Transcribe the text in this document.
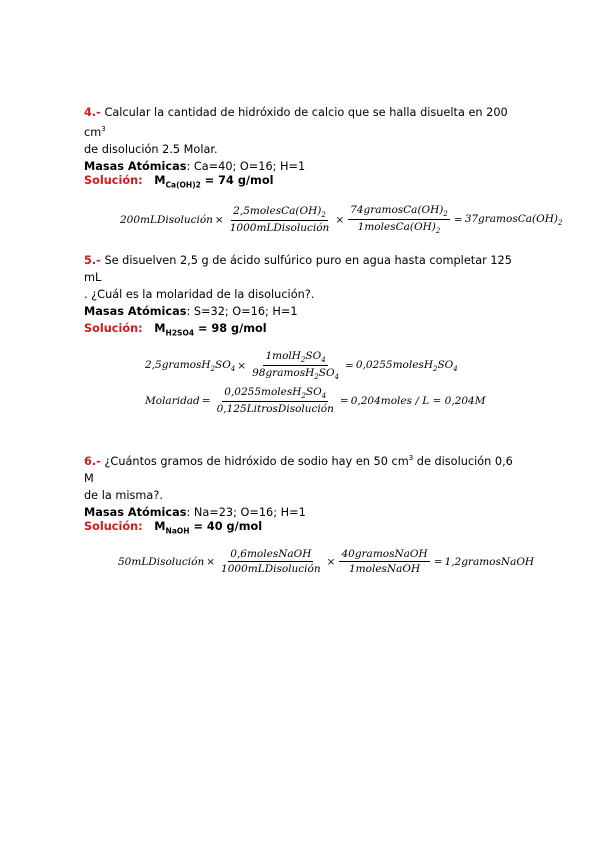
4.- Calcular la cantidad de hidróxido de calcio que se halla disuelta en 200 $cm^3$
de disolución 2.5 Molar.
Masas Atómicas: Ca=40; O=16; H=1
Solución: $M_{Ca(OH)2} = 74$ g/mol
200mLDisolución × $\frac{2,5molesCa(OH)_2}{\text{1000mLDisolución}} \times \frac{74gramosCa(OH)_2}{1molesCa(OH)_2}$ = $37gramosCa(OH)_2$
5.- Se disuelven 2,5 g de ácido sulfúrico puro en agua hasta completar 125 mL
. ¿Cuál es la molaridad de la disolución?.
Masas Atómicas: S=32; O=16; H=1
Solución: $M_{H2SO4} = 98$ g/mol
$2,5gramosH_2SO_4 \times \frac{1molH_2SO_4}{98gramosH_2SO_4}$ = $0,0255molesH_2SO_4$
Molaridad = $\frac{0,0255molesH_2SO_4}{\text{0,125LitrosDisolución}}$ = 0,204moles / L = 0,204M
6.- ¿Cuántos gramos de hidróxido de sodio hay en 50 $cm^3$ de disolución 0,6 M
de la misma?.
Masas Atómicas: Na=23; O=16; H=1
Solución: $M_{NaOH} = 40$ g/mol
50mLDisolución × $\frac{\text{0,6molesNaOH}}{\text{1000mLDisolución}} \times \frac{\text{40gramosNaOH}}{\text{1molesNaOH}}$ = 1,2gramosNaOH
